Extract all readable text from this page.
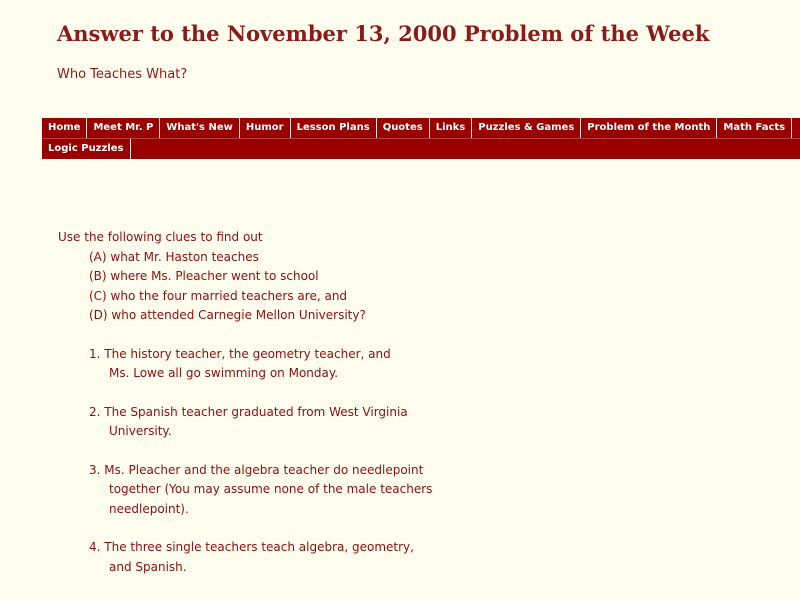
Answer to the November 13, 2000 Problem of the Week
Who Teaches What?
Home	Meet Mr. P	What's New	Humor	Lesson Plans	Quotes	Links	Puzzles & Games	Problem of the Month	Math Facts
Logic Puzzles
Use the following clues to find out
(A) what Mr. Haston teaches
(B) where Ms. Pleacher went to school
(C) who the four married teachers are, and
(D) who attended Carnegie Mellon University?
1. The history teacher, the geometry teacher, and
Ms. Lowe all go swimming on Monday.
2. The Spanish teacher graduated from West Virginia
University.
3. Ms. Pleacher and the algebra teacher do needlepoint
together (You may assume none of the male teachers
needlepoint).
4. The three single teachers teach algebra, geometry,
and Spanish.
